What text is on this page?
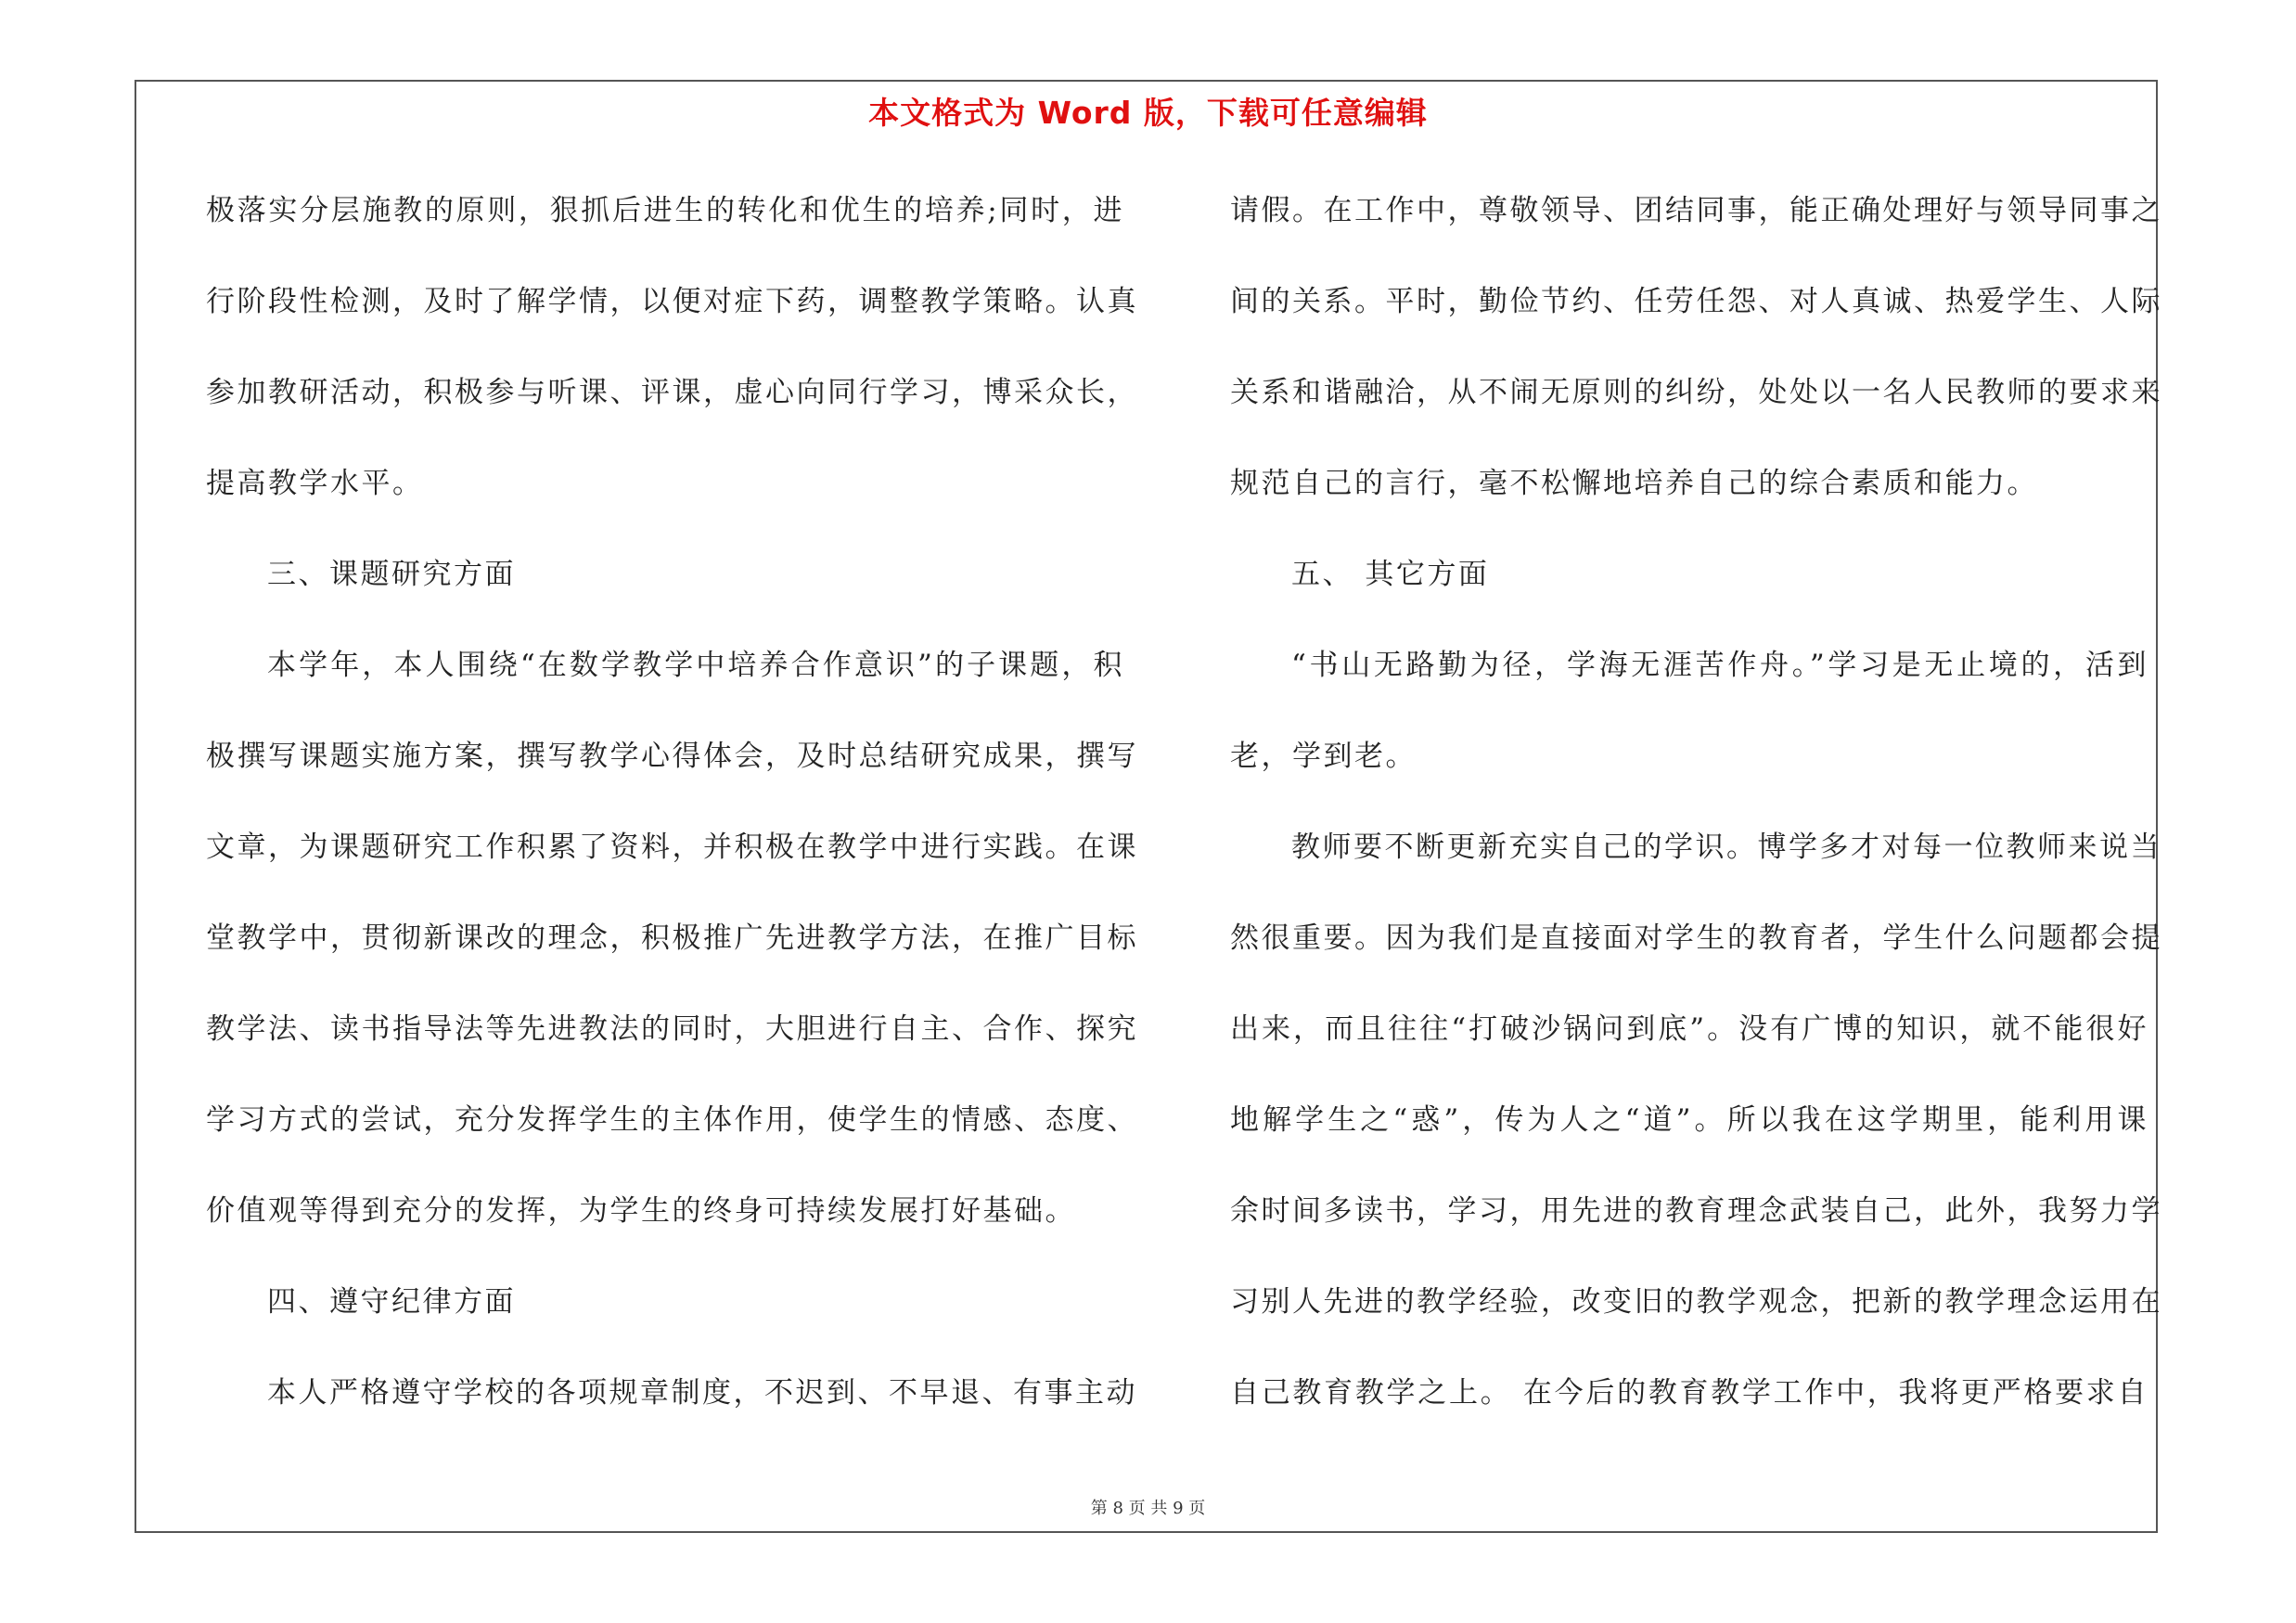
本文格式为 Word 版，下载可任意编辑
极落实分层施教的原则，狠抓后进生的转化和优生的培养;同时，进
行阶段性检测，及时了解学情，以便对症下药，调整教学策略。认真
参加教研活动，积极参与听课、评课，虚心向同行学习，博采众长，
提高教学水平。
三、课题研究方面
本学年，本人围绕“在数学教学中培养合作意识”的子课题，积
极撰写课题实施方案，撰写教学心得体会，及时总结研究成果，撰写
文章，为课题研究工作积累了资料，并积极在教学中进行实践。在课
堂教学中，贯彻新课改的理念，积极推广先进教学方法，在推广目标
教学法、读书指导法等先进教法的同时，大胆进行自主、合作、探究
学习方式的尝试，充分发挥学生的主体作用，使学生的情感、态度、
价值观等得到充分的发挥，为学生的终身可持续发展打好基础。
四、遵守纪律方面
本人严格遵守学校的各项规章制度，不迟到、不早退、有事主动
请假。在工作中，尊敬领导、团结同事，能正确处理好与领导同事之
间的关系。平时，勤俭节约、任劳任怨、对人真诚、热爱学生、人际
关系和谐融洽，从不闹无原则的纠纷，处处以一名人民教师的要求来
规范自己的言行，毫不松懈地培养自己的综合素质和能力。
五、 其它方面
“书山无路勤为径，学海无涯苦作舟。”学习是无止境的，活到
老，学到老。
教师要不断更新充实自己的学识。博学多才对每一位教师来说当
然很重要。因为我们是直接面对学生的教育者，学生什么问题都会提
出来，而且往往“打破沙锅问到底”。没有广博的知识，就不能很好
地解学生之“惑”，传为人之“道”。所以我在这学期里，能利用课
余时间多读书，学习，用先进的教育理念武装自己，此外，我努力学
习别人先进的教学经验，改变旧的教学观念，把新的教学理念运用在
自己教育教学之上。 在今后的教育教学工作中，我将更严格要求自
第 8 页 共 9 页
